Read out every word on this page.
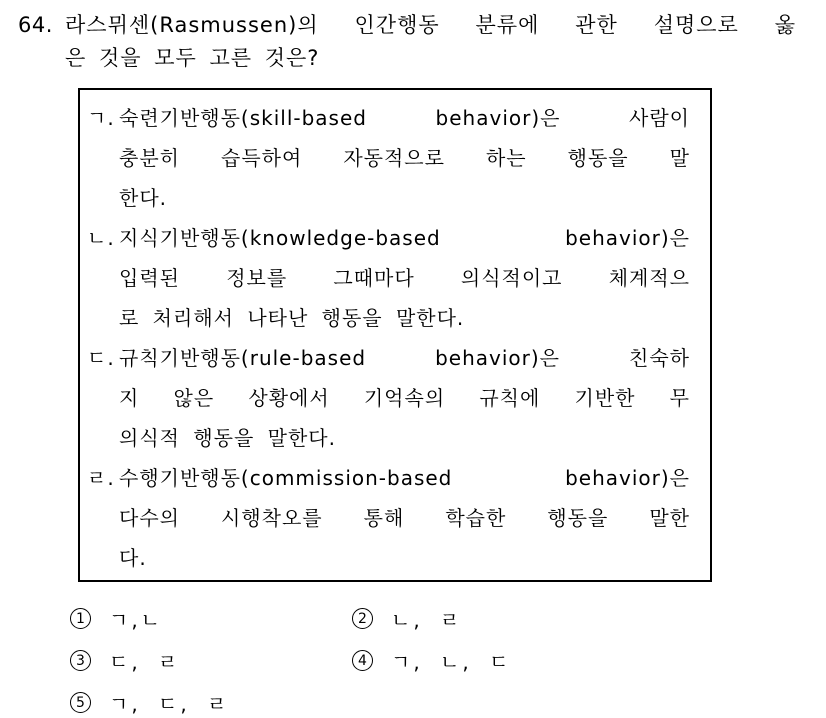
64. 라스뮈센(Rasmussen)의 인간행동 분류에 관한 설명으로 옳
은 것을 모두 고른 것은?
ㄱ. 숙련기반행동(skill-based behavior)은 사람이
충분히 습득하여 자동적으로 하는 행동을 말
한다.
ㄴ. 지식기반행동(knowledge-based behavior)은
입력된 정보를 그때마다 의식적이고 체계적으
로 처리해서 나타난 행동을 말한다.
ㄷ. 규칙기반행동(rule-based behavior)은 친숙하
지 않은 상황에서 기억속의 규칙에 기반한 무
의식적 행동을 말한다.
ㄹ. 수행기반행동(commission-based behavior)은
다수의 시행착오를 통해 학습한 행동을 말한
다.
1 ㄱ,ㄴ	2 ㄴ, ㄹ
3 ㄷ, ㄹ	4 ㄱ, ㄴ, ㄷ
5 ㄱ, ㄷ, ㄹ
